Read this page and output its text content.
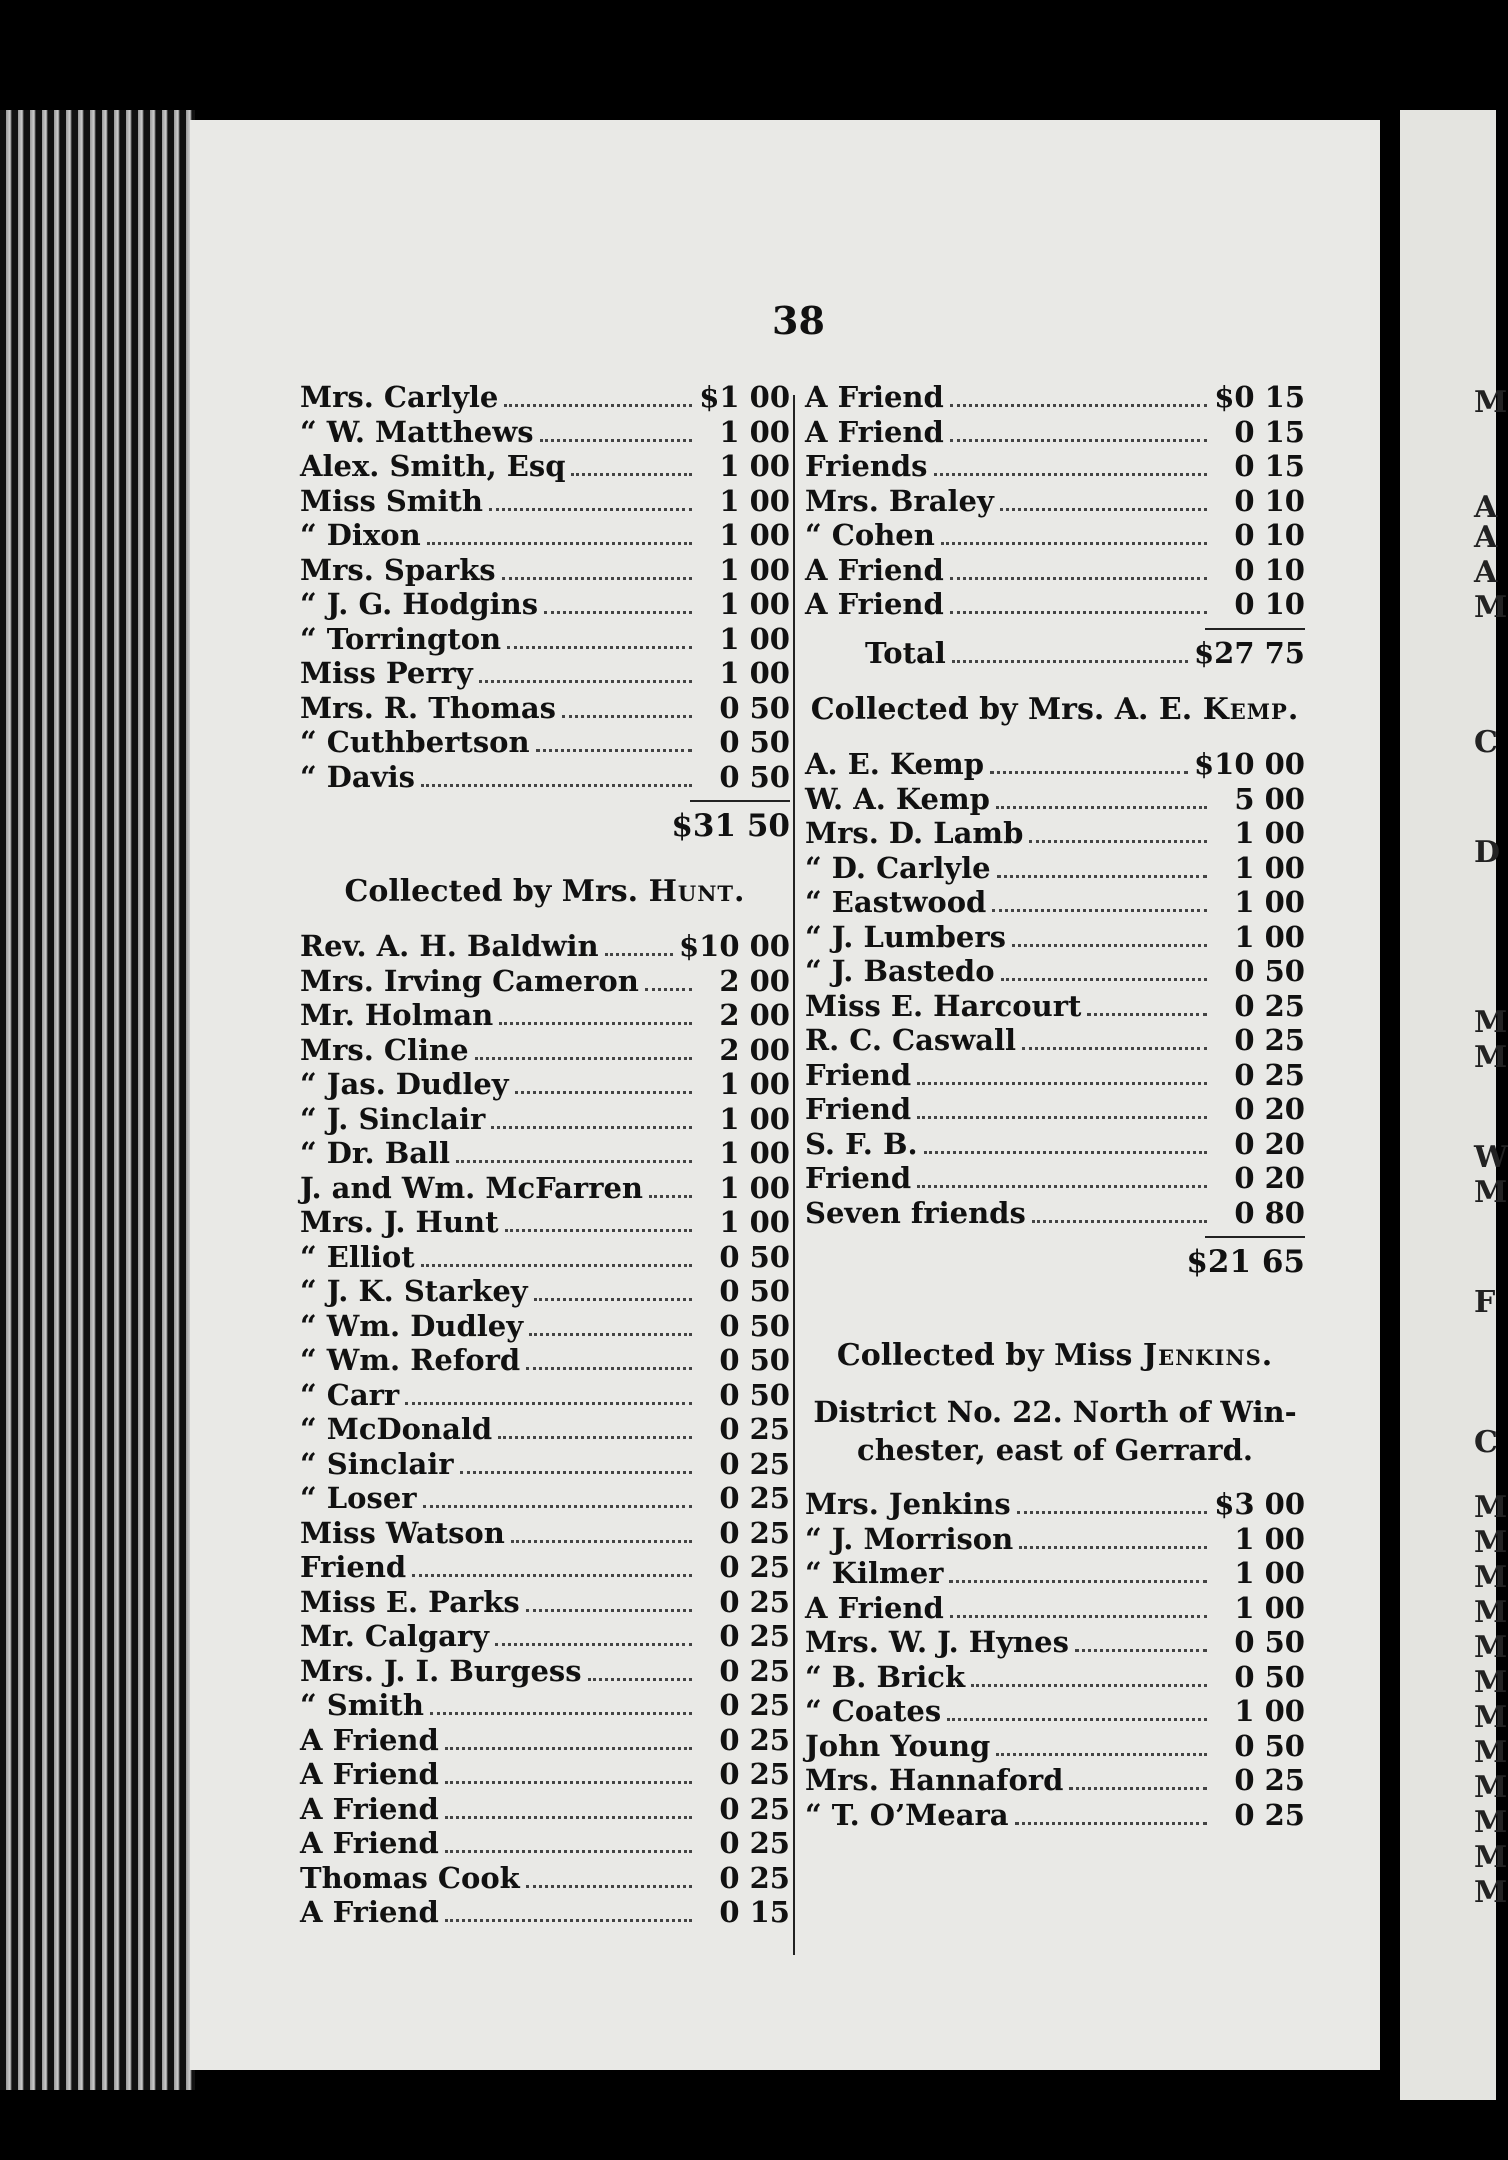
M
A
A
A
M
C
D
M
M
W
M
F
C
M
M
M
M
M
M
M
M
M
M
M
M
38
Mrs. Carlyle	$1 00
“ W. Matthews	1 00
Alex. Smith, Esq	1 00
Miss Smith	1 00
“ Dixon	1 00
Mrs. Sparks	1 00
“ J. G. Hodgins	1 00
“ Torrington	1 00
Miss Perry	1 00
Mrs. R. Thomas	0 50
“ Cuthbertson	0 50
“ Davis	0 50
$31 50
Collected by Mrs. Hunt.
Rev. A. H. Baldwin	$10 00
Mrs. Irving Cameron	2 00
Mr. Holman	2 00
Mrs. Cline	2 00
“ Jas. Dudley	1 00
“ J. Sinclair	1 00
“ Dr. Ball	1 00
J. and Wm. McFarren	1 00
Mrs. J. Hunt	1 00
“ Elliot	0 50
“ J. K. Starkey	0 50
“ Wm. Dudley	0 50
“ Wm. Reford	0 50
“ Carr	0 50
“ McDonald	0 25
“ Sinclair	0 25
“ Loser	0 25
Miss Watson	0 25
Friend	0 25
Miss E. Parks	0 25
Mr. Calgary	0 25
Mrs. J. I. Burgess	0 25
“ Smith	0 25
A Friend	0 25
A Friend	0 25
A Friend	0 25
A Friend	0 25
Thomas Cook	0 25
A Friend	0 15
A Friend	$0 15
A Friend	0 15
Friends	0 15
Mrs. Braley	0 10
“ Cohen	0 10
A Friend	0 10
A Friend	0 10
Total	$27 75
Collected by Mrs. A. E. Kemp.
A. E. Kemp	$10 00
W. A. Kemp	5 00
Mrs. D. Lamb	1 00
“ D. Carlyle	1 00
“ Eastwood	1 00
“ J. Lumbers	1 00
“ J. Bastedo	0 50
Miss E. Harcourt	0 25
R. C. Caswall	0 25
Friend	0 25
Friend	0 20
S. F. B.	0 20
Friend	0 20
Seven friends	0 80
$21 65
Collected by Miss Jenkins.
District No. 22. North of Win-
chester, east of Gerrard.
Mrs. Jenkins	$3 00
“ J. Morrison	1 00
“ Kilmer	1 00
A Friend	1 00
Mrs. W. J. Hynes	0 50
“ B. Brick	0 50
“ Coates	1 00
John Young	0 50
Mrs. Hannaford	0 25
“ T. O’Meara	0 25
